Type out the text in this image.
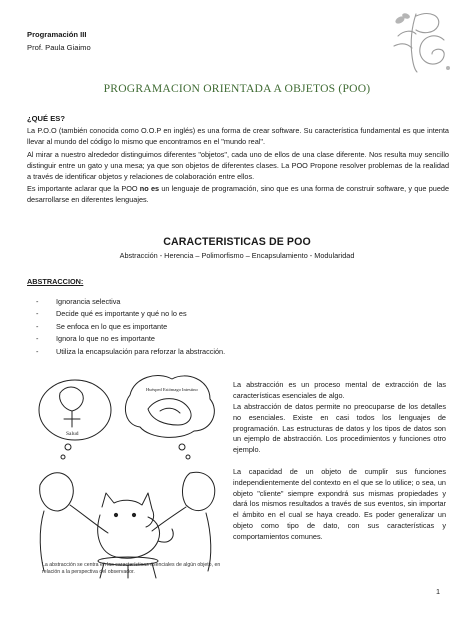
Programación III
Prof. Paula Giaimo
PROGRAMACION ORIENTADA A OBJETOS (POO)
¿QUÉ ES?

La P.O.O (también conocida como O.O.P en inglés) es una forma de crear software. Su característica fundamental es que intenta llevar al mundo del código lo mismo que encontramos en el "mundo real".

Al mirar a nuestro alrededor distinguimos diferentes "objetos", cada uno de ellos de una clase diferente. Nos resulta muy sencillo distinguir entre un gato y una mesa; ya que son objetos de diferentes clases. La POO Propone resolver problemas de la realidad a través de identificar objetos y relaciones de colaboración entre ellos.

Es importante aclarar que la POO no es un lenguaje de programación, sino que es una forma de construir software, y que puede desarrollarse en diferentes lenguajes.

CARACTERISTICAS DE POO
Abstracción - Herencia – Polimorfismo – Encapsulamiento - Modularidad
ABSTRACCION:
- Ignorancia selectiva
- Decide qué es importante y qué no lo es
- Se enfoca en lo que es importante
- Ignora lo que no es importante
- Utiliza la encapsulación para reforzar la abstracción.
Salud
Huésped Estómago Intestino
La abstracción se centra en las características esenciales de algún objeto, en relación a la perspectiva del observador.

La abstracción es un proceso mental de extracción de las características esenciales de algo.

La abstracción de datos permite no preocuparse de los detalles no esenciales. Existe en casi todos los lenguajes de programación. Las estructuras de datos y los tipos de datos son un ejemplo de abstracción. Los procedimientos y funciones otro ejemplo.

La capacidad de un objeto de cumplir sus funciones independientemente del contexto en el que se lo utilice; o sea, un objeto "cliente" siempre expondrá sus mismas propiedades y dará los mismos resultados a través de sus eventos, sin importar el ámbito en el cual se haya creado. Es poder generalizar un objeto como tipo de dato, con sus características y comportamientos comunes.

1
